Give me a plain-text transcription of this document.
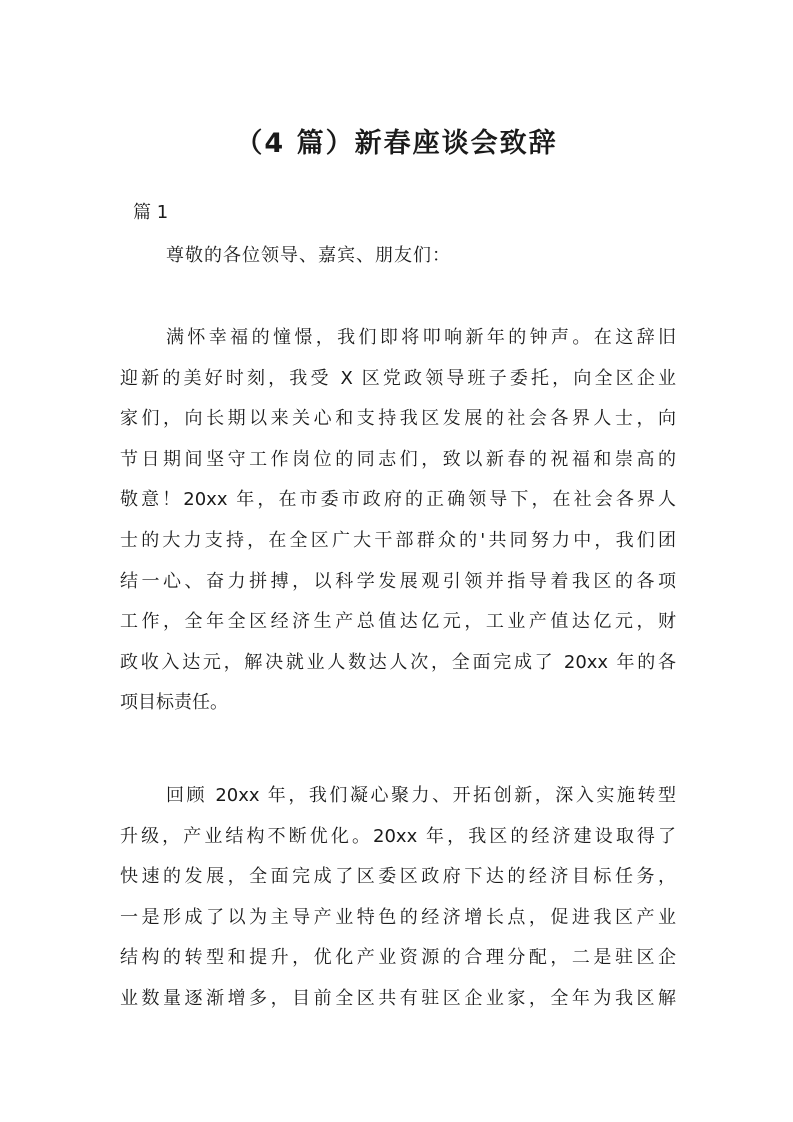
（4 篇）新春座谈会致辞
篇 1
尊敬的各位领导、嘉宾、朋友们：
满怀幸福的憧憬，我们即将叩响新年的钟声。在这辞旧
迎新的美好时刻，我受 X 区党政领导班子委托，向全区企业
家们，向长期以来关心和支持我区发展的社会各界人士，向
节日期间坚守工作岗位的同志们，致以新春的祝福和崇高的
敬意！20xx 年，在市委市政府的正确领导下，在社会各界人
士的大力支持，在全区广大干部群众的'共同努力中，我们团
结一心、奋力拼搏，以科学发展观引领并指导着我区的各项
工作，全年全区经济生产总值达亿元，工业产值达亿元，财
政收入达元，解决就业人数达人次，全面完成了 20xx 年的各
项目标责任。
回顾 20xx 年，我们凝心聚力、开拓创新，深入实施转型
升级，产业结构不断优化。20xx 年，我区的经济建设取得了
快速的发展，全面完成了区委区政府下达的经济目标任务，
一是形成了以为主导产业特色的经济增长点，促进我区产业
结构的转型和提升，优化产业资源的合理分配，二是驻区企
业数量逐渐增多，目前全区共有驻区企业家，全年为我区解
